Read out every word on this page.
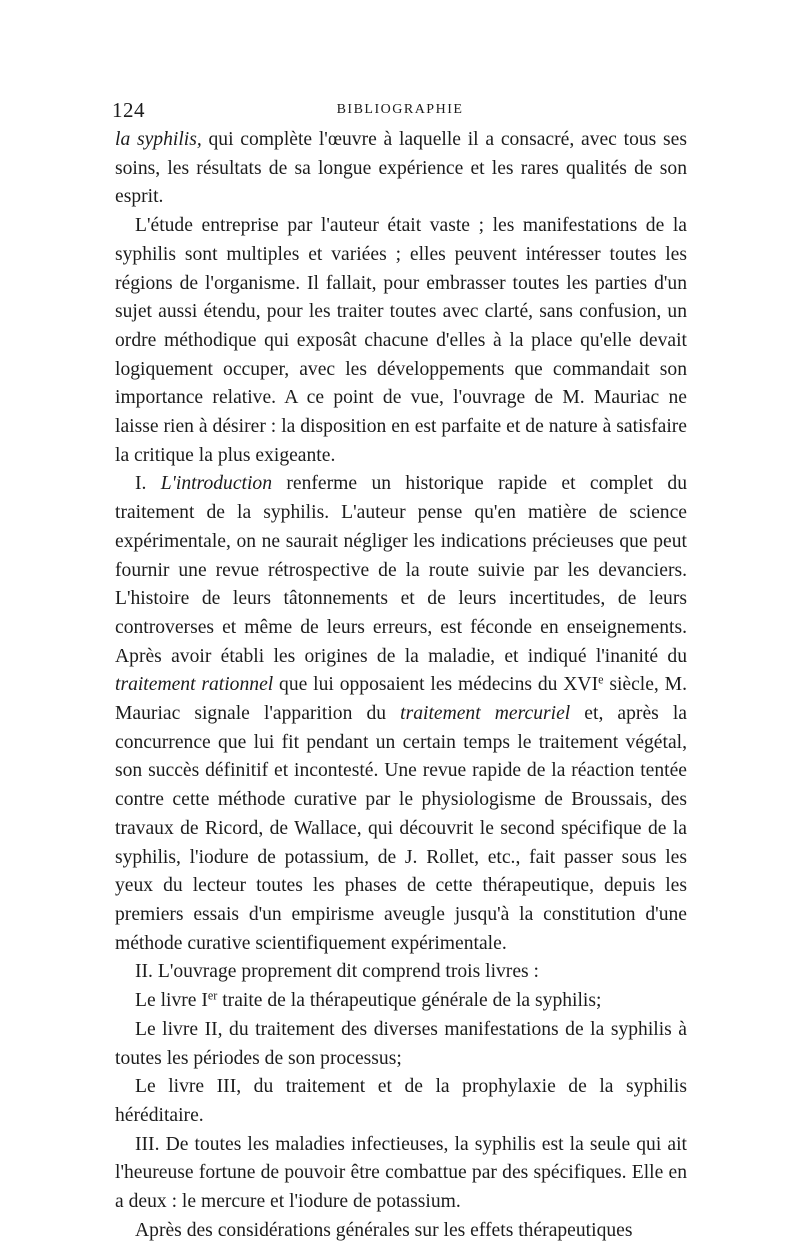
124	BIBLIOGRAPHIE

la syphilis, qui complète l'œuvre à laquelle il a consacré, avec tous ses soins, les résultats de sa longue expérience et les rares qualités de son esprit.

L'étude entreprise par l'auteur était vaste ; les manifestations de la syphilis sont multiples et variées ; elles peuvent intéresser toutes les régions de l'organisme. Il fallait, pour embrasser toutes les parties d'un sujet aussi étendu, pour les traiter toutes avec clarté, sans confusion, un ordre méthodique qui exposât chacune d'elles à la place qu'elle devait logiquement occuper, avec les développements que commandait son importance relative. A ce point de vue, l'ouvrage de M. Mauriac ne laisse rien à désirer : la disposition en est parfaite et de nature à satisfaire la critique la plus exigeante.

I. L'introduction renferme un historique rapide et complet du traitement de la syphilis. L'auteur pense qu'en matière de science expérimentale, on ne saurait négliger les indications précieuses que peut fournir une revue rétrospective de la route suivie par les devanciers. L'histoire de leurs tâtonnements et de leurs incertitudes, de leurs controverses et même de leurs erreurs, est féconde en enseignements. Après avoir établi les origines de la maladie, et indiqué l'inanité du traitement rationnel que lui opposaient les médecins du XVIe siècle, M. Mauriac signale l'apparition du traitement mercuriel et, après la concurrence que lui fit pendant un certain temps le traitement végétal, son succès définitif et incontesté. Une revue rapide de la réaction tentée contre cette méthode curative par le physiologisme de Broussais, des travaux de Ricord, de Wallace, qui découvrit le second spécifique de la syphilis, l'iodure de potassium, de J. Rollet, etc., fait passer sous les yeux du lecteur toutes les phases de cette thérapeutique, depuis les premiers essais d'un empirisme aveugle jusqu'à la constitution d'une méthode curative scientifiquement expérimentale.

II. L'ouvrage proprement dit comprend trois livres :

Le livre Ier traite de la thérapeutique générale de la syphilis;

Le livre II, du traitement des diverses manifestations de la syphilis à toutes les périodes de son processus;

Le livre III, du traitement et de la prophylaxie de la syphilis héréditaire.

III. De toutes les maladies infectieuses, la syphilis est la seule qui ait l'heureuse fortune de pouvoir être combattue par des spécifiques. Elle en a deux : le mercure et l'iodure de potassium.

Après des considérations générales sur les effets thérapeutiques
